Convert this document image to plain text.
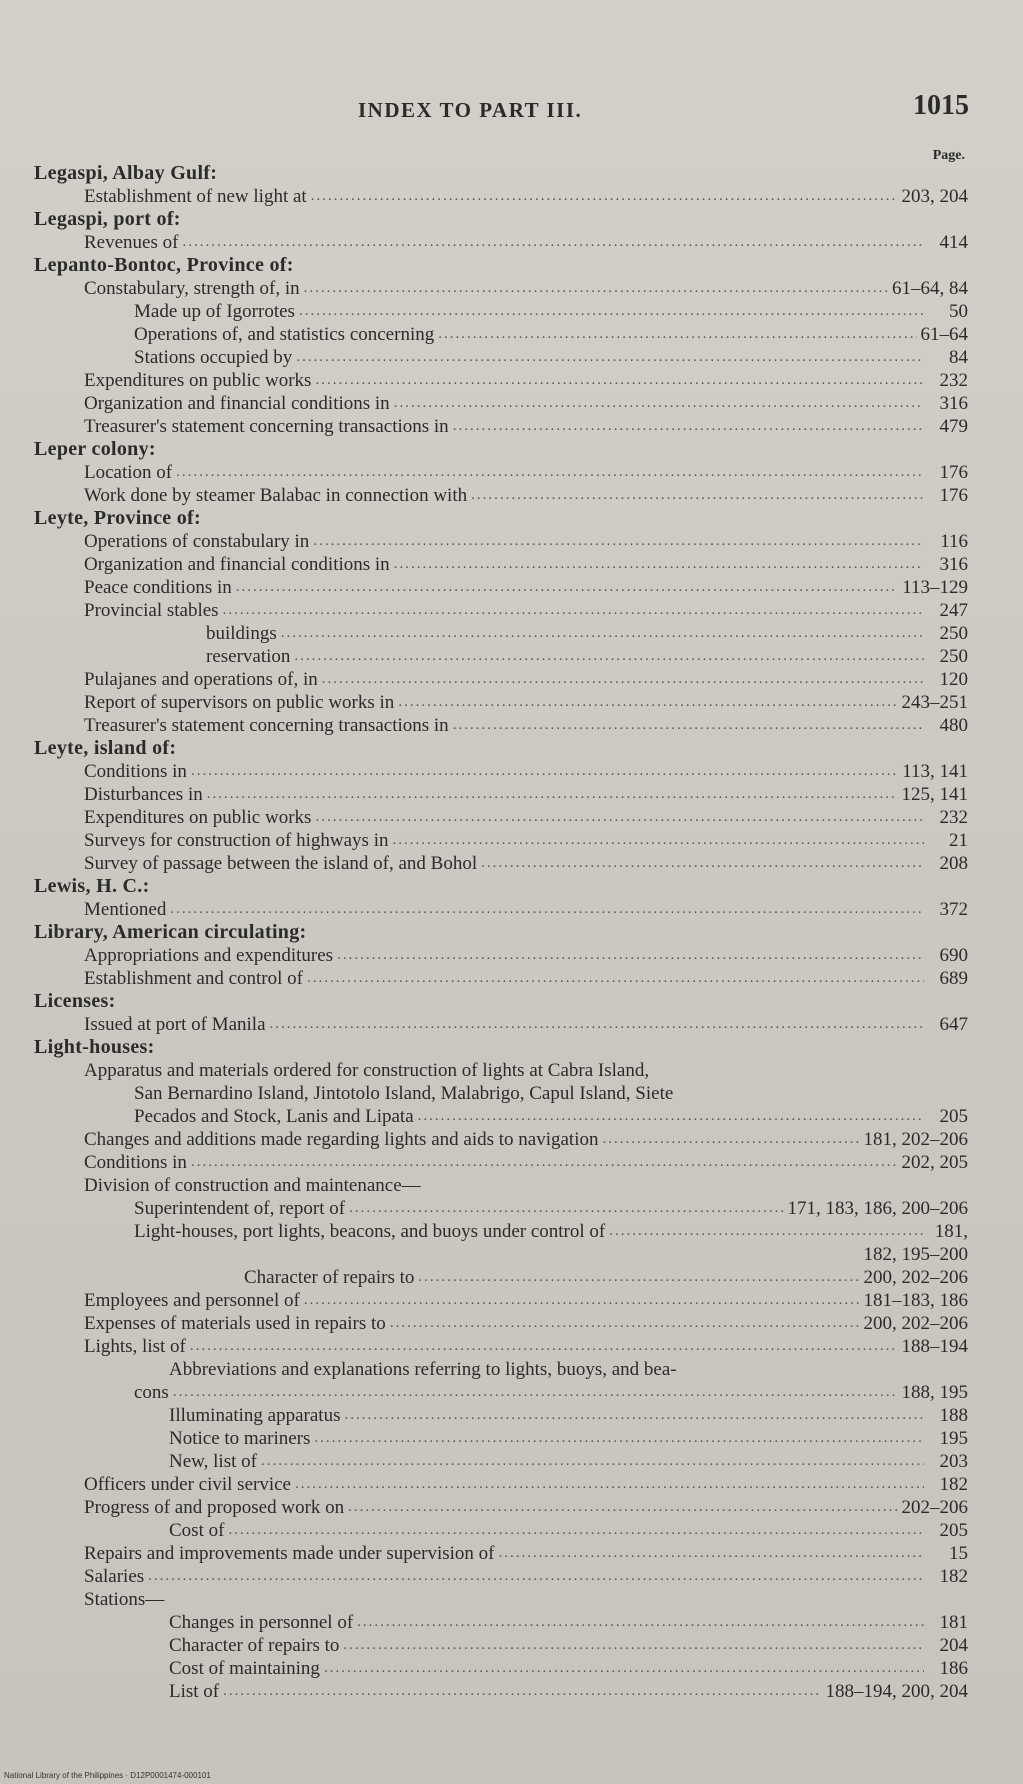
INDEX TO PART III.	1015
Page.
Legaspi, Albay Gulf:
Establishment of new light at .....	203, 204
Legaspi, port of:
Revenues of .....	414
Lepanto-Bontoc, Province of:
Constabulary, strength of, in .....	61–64, 84
Made up of Igorrotes .....	50
Operations of, and statistics concerning .....	61–64
Stations occupied by .....	84
Expenditures on public works .....	232
Organization and financial conditions in .....	316
Treasurer's statement concerning transactions in .....	479
Leper colony:
Location of .....	176
Work done by steamer Balabac in connection with .....	176
Leyte, Province of:
Operations of constabulary in .....	116
Organization and financial conditions in .....	316
Peace conditions in .....	113–129
Provincial stables .....	247
buildings .....	250
reservation .....	250
Pulajanes and operations of, in .....	120
Report of supervisors on public works in .....	243–251
Treasurer's statement concerning transactions in .....	480
Leyte, island of:
Conditions in .....	113, 141
Disturbances in .....	125, 141
Expenditures on public works .....	232
Surveys for construction of highways in .....	21
Survey of passage between the island of, and Bohol .....	208
Lewis, H. C.:
Mentioned .....	372
Library, American circulating:
Appropriations and expenditures .....	690
Establishment and control of .....	689
Licenses:
Issued at port of Manila .....	647
Light-houses:
Apparatus and materials ordered for construction of lights at Cabra Island,
San Bernardino Island, Jintotolo Island, Malabrigo, Capul Island, Siete
Pecados and Stock, Lanis and Lipata .....	205
Changes and additions made regarding lights and aids to navigation .....	181, 202–206
Conditions in .....	202, 205
Division of construction and maintenance—
Superintendent of, report of .....	171, 183, 186, 200–206
Light-houses, port lights, beacons, and buoys under control of .....	181,
182, 195–200
Character of repairs to .....	200, 202–206
Employees and personnel of .....	181–183, 186
Expenses of materials used in repairs to .....	200, 202–206
Lights, list of .....	188–194
Abbreviations and explanations referring to lights, buoys, and bea-
cons .....	188, 195
Illuminating apparatus .....	188
Notice to mariners .....	195
New, list of .....	203
Officers under civil service .....	182
Progress of and proposed work on .....	202–206
Cost of .....	205
Repairs and improvements made under supervision of .....	15
Salaries .....	182
Stations—
Changes in personnel of .....	181
Character of repairs to .....	204
Cost of maintaining .....	186
List of .....	188–194, 200, 204
National Library of the Philippines · D12P0001474-000101
